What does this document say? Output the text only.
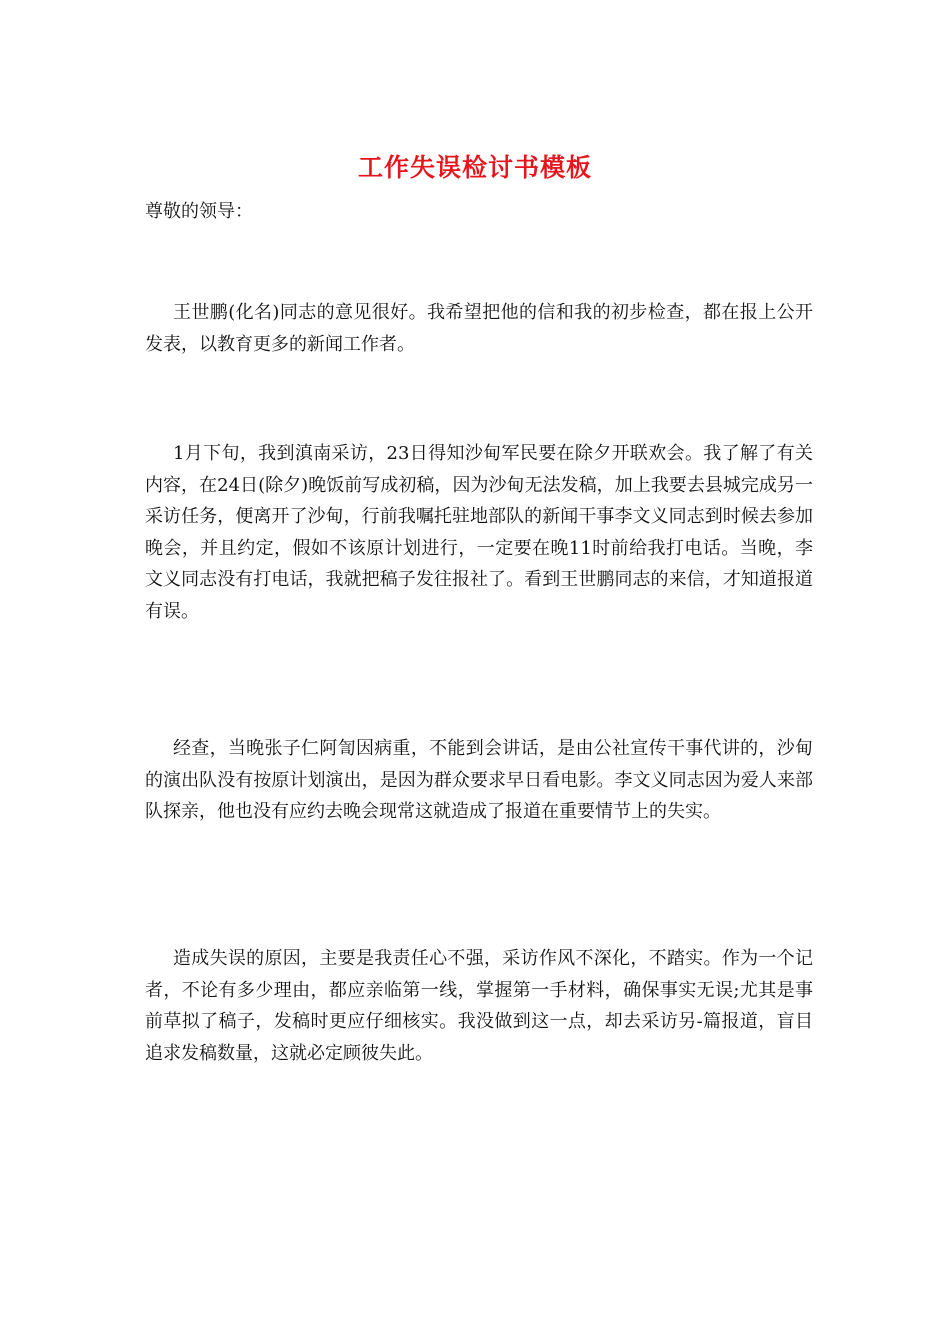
工作失误检讨书模板
尊敬的领导：

王世鹏(化名)同志的意见很好。我希望把他的信和我的初步检查，都在报上公开发表，以教育更多的新闻工作者。

1月下旬，我到滇南采访，23日得知沙甸军民要在除夕开联欢会。我了解了有关内容，在24日(除夕)晚饭前写成初稿，因为沙甸无法发稿，加上我要去县城完成另一采访任务，便离开了沙甸，行前我嘱托驻地部队的新闻干事李文义同志到时候去参加晚会，并且约定，假如不该原计划进行，一定要在晚11时前给我打电话。当晚，李文义同志没有打电话，我就把稿子发往报社了。看到王世鹏同志的来信，才知道报道有误。

经查，当晚张子仁阿訇因病重，不能到会讲话，是由公社宣传干事代讲的，沙甸的演出队没有按原计划演出，是因为群众要求早日看电影。李文义同志因为爱人来部队探亲，他也没有应约去晚会现常这就造成了报道在重要情节上的失实。

造成失误的原因，主要是我责任心不强，采访作风不深化，不踏实。作为一个记者，不论有多少理由，都应亲临第一线，掌握第一手材料，确保事实无误;尤其是事前草拟了稿子，发稿时更应仔细核实。我没做到这一点，却去采访另-篇报道，盲目追求发稿数量，这就必定顾彼失此。
